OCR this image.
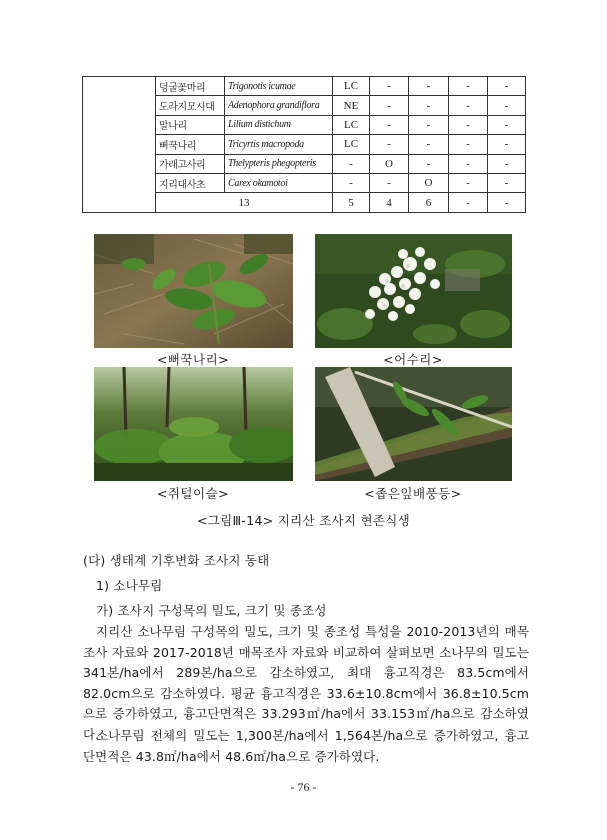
	덩굴꽃마리	Trigonotis icumae	LC	-	-	-	-
	도라지모시대	Adenophora grandiflora	NE	-	-	-	-
	말나리	Lilium distichum	LC	-	-	-	-
	뻐꾹나리	Tricyrtis macropoda	LC	-	-	-	-
	가래고사리	Thelypteris phegopteris	-	O	-	-	-
	지리대사초	Carex okamotoi	-	-	O	-	-
	13		5	4	6	-	-
<뻐꾹나리>	<어수리>
<쥐털이슬>	<좁은잎배풍등>
<그림Ⅲ-14> 지리산 조사지 현존식생
(다) 생태계 기후변화 조사지 동태
1) 소나무림
가) 조사지 구성목의 밀도, 크기 및 종조성
지리산 소나무림 구성목의 밀도, 크기 및 종조성 특성을 2010-2013년의 매목조사 자료와 2017-2018년 매목조사 자료와 비교하여 살펴보면 소나무의 밀도는 341본/ha에서 289본/ha으로 감소하였고, 최대 흉고직경은 83.5cm에서 82.0cm으로 감소하였다. 평균 흉고직경은 33.6±10.8cm에서 36.8±10.5cm으로 증가하였고, 흉고단면적은 33.293㎡/ha에서 33.153㎡/ha으로 감소하였다.
소나무림 전체의 밀도는 1,300본/ha에서 1,564본/ha으로 증가하였고, 흉고단면적은 43.8㎡/ha에서 48.6㎡/ha으로 증가하였다.
- 76 -
